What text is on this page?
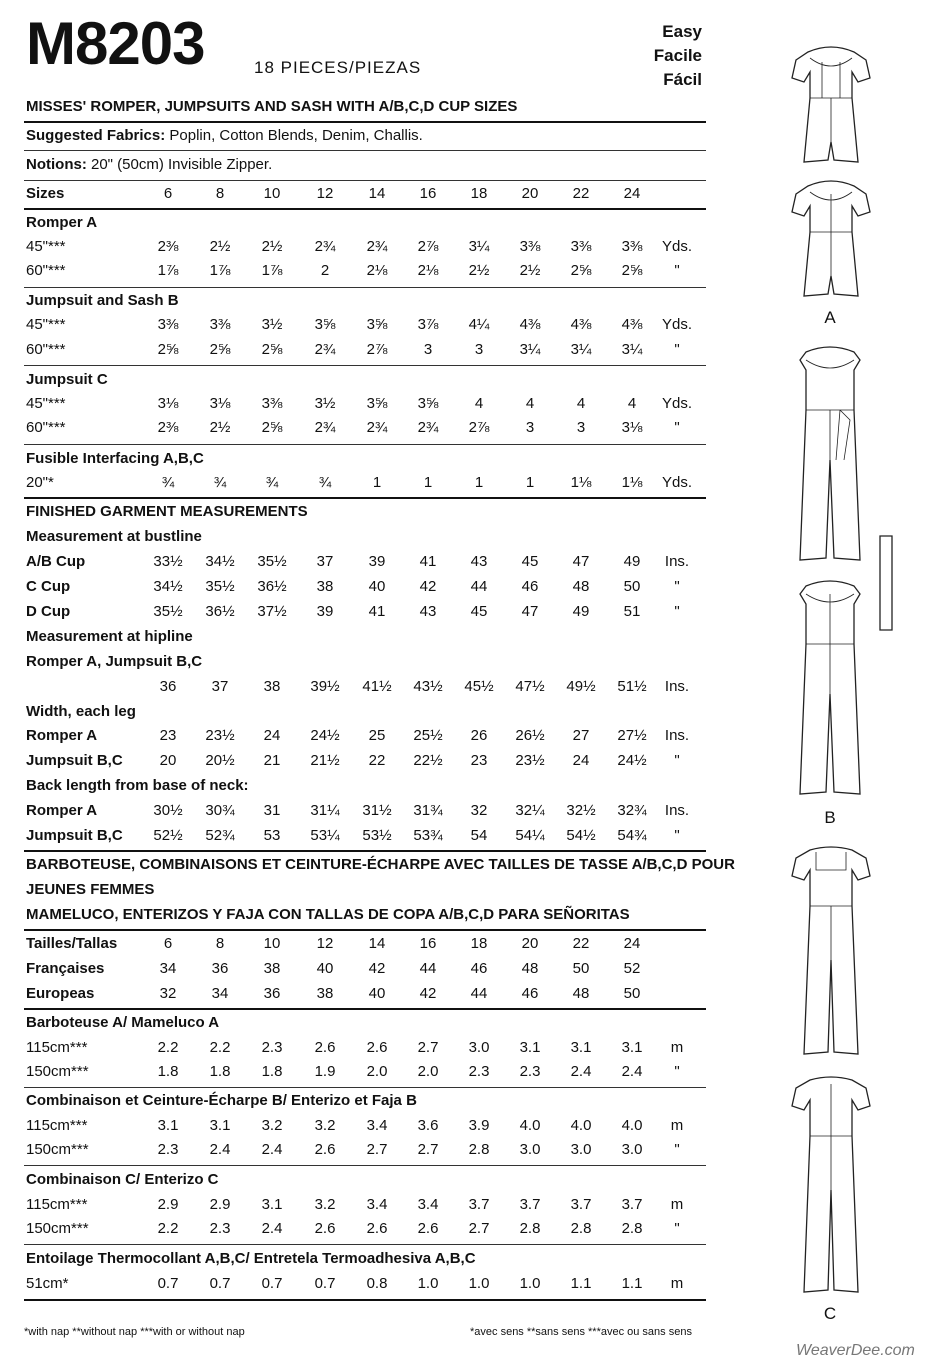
M8203	18 PIECES/PIEZAS
Easy
Facile
Fácil
MISSES' ROMPER, JUMPSUITS AND SASH WITH A/B,C,D CUP SIZES
Suggested Fabrics: Poplin, Cotton Blends, Denim, Challis.
Notions: 20" (50cm) Invisible Zipper.
Sizes	6	8	10	12	14	16	18	20	22	24
Romper A
45"***	2⅜	2½	2½	2¾	2¾	2⅞	3¼	3⅜	3⅜	3⅜	Yds.
60"***	1⅞	1⅞	1⅞	2	2⅛	2⅛	2½	2½	2⅝	2⅝	"
Jumpsuit and Sash B
45"***	3⅜	3⅜	3½	3⅝	3⅝	3⅞	4¼	4⅜	4⅜	4⅜	Yds.
60"***	2⅝	2⅝	2⅝	2¾	2⅞	3	3	3¼	3¼	3¼	"
Jumpsuit C
45"***	3⅛	3⅛	3⅜	3½	3⅝	3⅝	4	4	4	4	Yds.
60"***	2⅜	2½	2⅝	2¾	2¾	2¾	2⅞	3	3	3⅛	"
Fusible Interfacing A,B,C
20"*	¾	¾	¾	¾	1	1	1	1	1⅛	1⅛	Yds.
FINISHED GARMENT MEASUREMENTS
Measurement at bustline
A/B Cup	33½	34½	35½	37	39	41	43	45	47	49	Ins.
C Cup	34½	35½	36½	38	40	42	44	46	48	50	"
D Cup	35½	36½	37½	39	41	43	45	47	49	51	"
Measurement at hipline
Romper A, Jumpsuit B,C
36	37	38	39½	41½	43½	45½	47½	49½	51½	Ins.
Width, each leg
Romper A	23	23½	24	24½	25	25½	26	26½	27	27½	Ins.
Jumpsuit B,C	20	20½	21	21½	22	22½	23	23½	24	24½	"
Back length from base of neck:
Romper A	30½	30¾	31	31¼	31½	31¾	32	32¼	32½	32¾	Ins.
Jumpsuit B,C	52½	52¾	53	53¼	53½	53¾	54	54¼	54½	54¾	"
BARBOTEUSE, COMBINAISONS ET CEINTURE-ÉCHARPE AVEC TAILLES DE TASSE A/B,C,D POUR
JEUNES FEMMES
MAMELUCO, ENTERIZOS Y FAJA CON TALLAS DE COPA A/B,C,D PARA SEÑORITAS
Tailles/Tallas	6	8	10	12	14	16	18	20	22	24
Françaises	34	36	38	40	42	44	46	48	50	52
Europeas	32	34	36	38	40	42	44	46	48	50
Barboteuse A/ Mameluco A
115cm***	2.2	2.2	2.3	2.6	2.6	2.7	3.0	3.1	3.1	3.1	m
150cm***	1.8	1.8	1.8	1.9	2.0	2.0	2.3	2.3	2.4	2.4	"
Combinaison et Ceinture-Écharpe B/ Enterizo et Faja B
115cm***	3.1	3.1	3.2	3.2	3.4	3.6	3.9	4.0	4.0	4.0	m
150cm***	2.3	2.4	2.4	2.6	2.7	2.7	2.8	3.0	3.0	3.0	"
Combinaison C/ Enterizo C
115cm***	2.9	2.9	3.1	3.2	3.4	3.4	3.7	3.7	3.7	3.7	m
150cm***	2.2	2.3	2.4	2.6	2.6	2.6	2.7	2.8	2.8	2.8	"
Entoilage Thermocollant A,B,C/ Entretela Termoadhesiva A,B,C
51cm*	0.7	0.7	0.7	0.7	0.8	1.0	1.0	1.0	1.1	1.1	m
A
B
C
*with nap **without nap ***with or without nap	*avec sens **sans sens ***avec ou sans sens
WeaverDee.com
